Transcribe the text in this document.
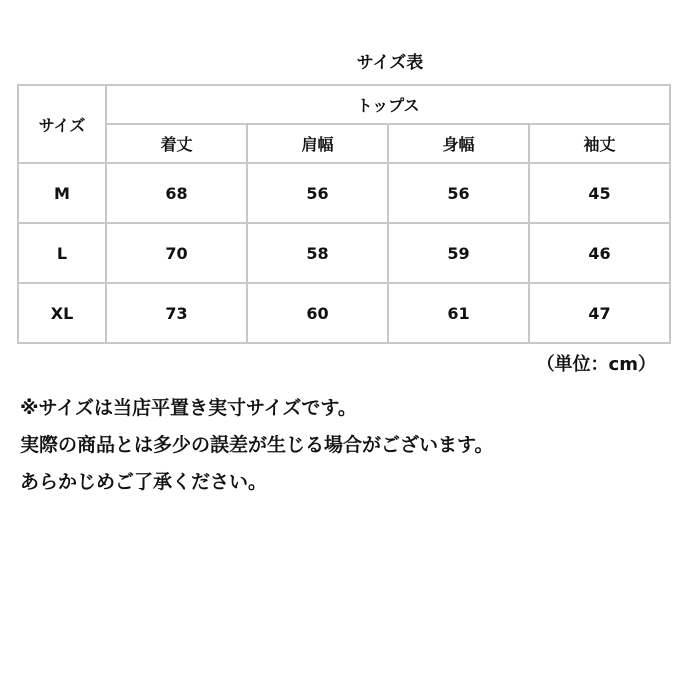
サイズ表
サイズ	トップス			
	着丈	肩幅	身幅	袖丈
M	68	56	56	45
L	70	58	59	46
XL	73	60	61	47
（単位：cm）
※サイズは当店平置き実寸サイズです。
実際の商品とは多少の誤差が生じる場合がございます。
あらかじめご了承ください。
